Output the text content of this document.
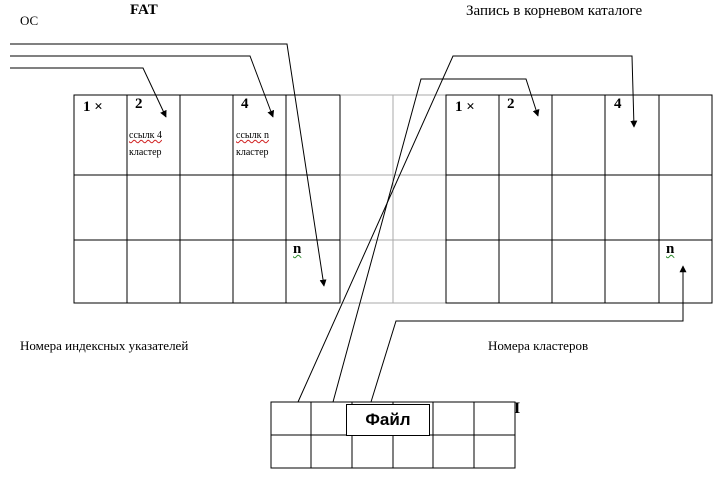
ОС
FAT	Запись в корневом каталоге
Номера индексных указателей	Номера кластеров
1 × 2
ссылк 4
кластер
4
ссылк n
кластер
n
1 × 2	4
n
Файл
I
